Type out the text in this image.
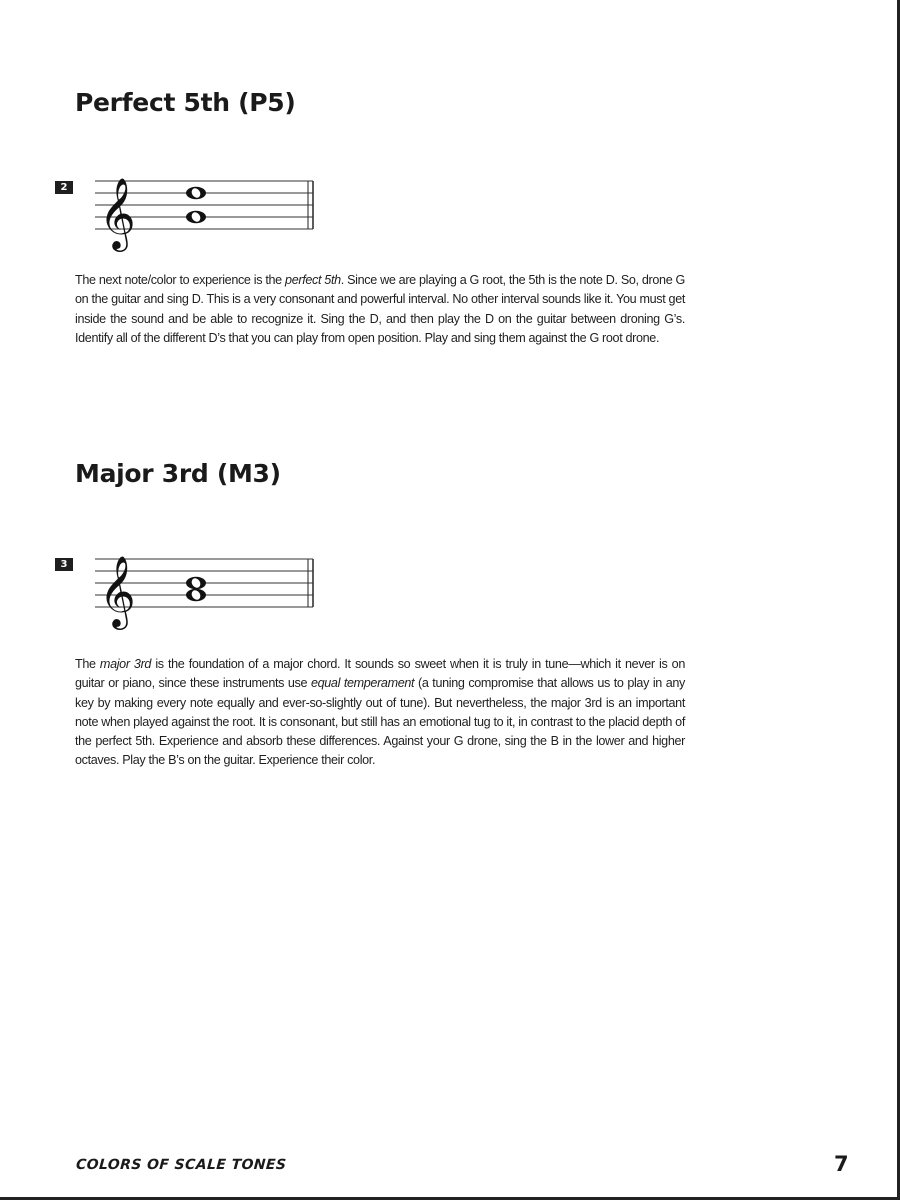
Perfect 5th (P5)
2 𝄞

The next note/color to experience is the perfect 5th. Since we are playing a G root, the 5th is the note D. So, drone G on the guitar and sing D. This is a very consonant and powerful interval. No other interval sounds like it. You must get inside the sound and be able to recognize it. Sing the D, and then play the D on the guitar between droning G’s. Identify all of the different D’s that you can play from open position. Play and sing them against the G root drone.

Major 3rd (M3)
3 𝄞

The major 3rd is the foundation of a major chord. It sounds so sweet when it is truly in tune—which it never is on guitar or piano, since these instruments use equal temperament (a tuning compromise that allows us to play in any key by making every note equally and ever-so-slightly out of tune). But nevertheless, the major 3rd is an important note when played against the root. It is consonant, but still has an emotional tug to it, in contrast to the placid depth of the perfect 5th. Experience and absorb these differences. Against your G drone, sing the B in the lower and higher octaves. Play the B’s on the guitar. Experience their color.

COLORS OF SCALE TONES	7
